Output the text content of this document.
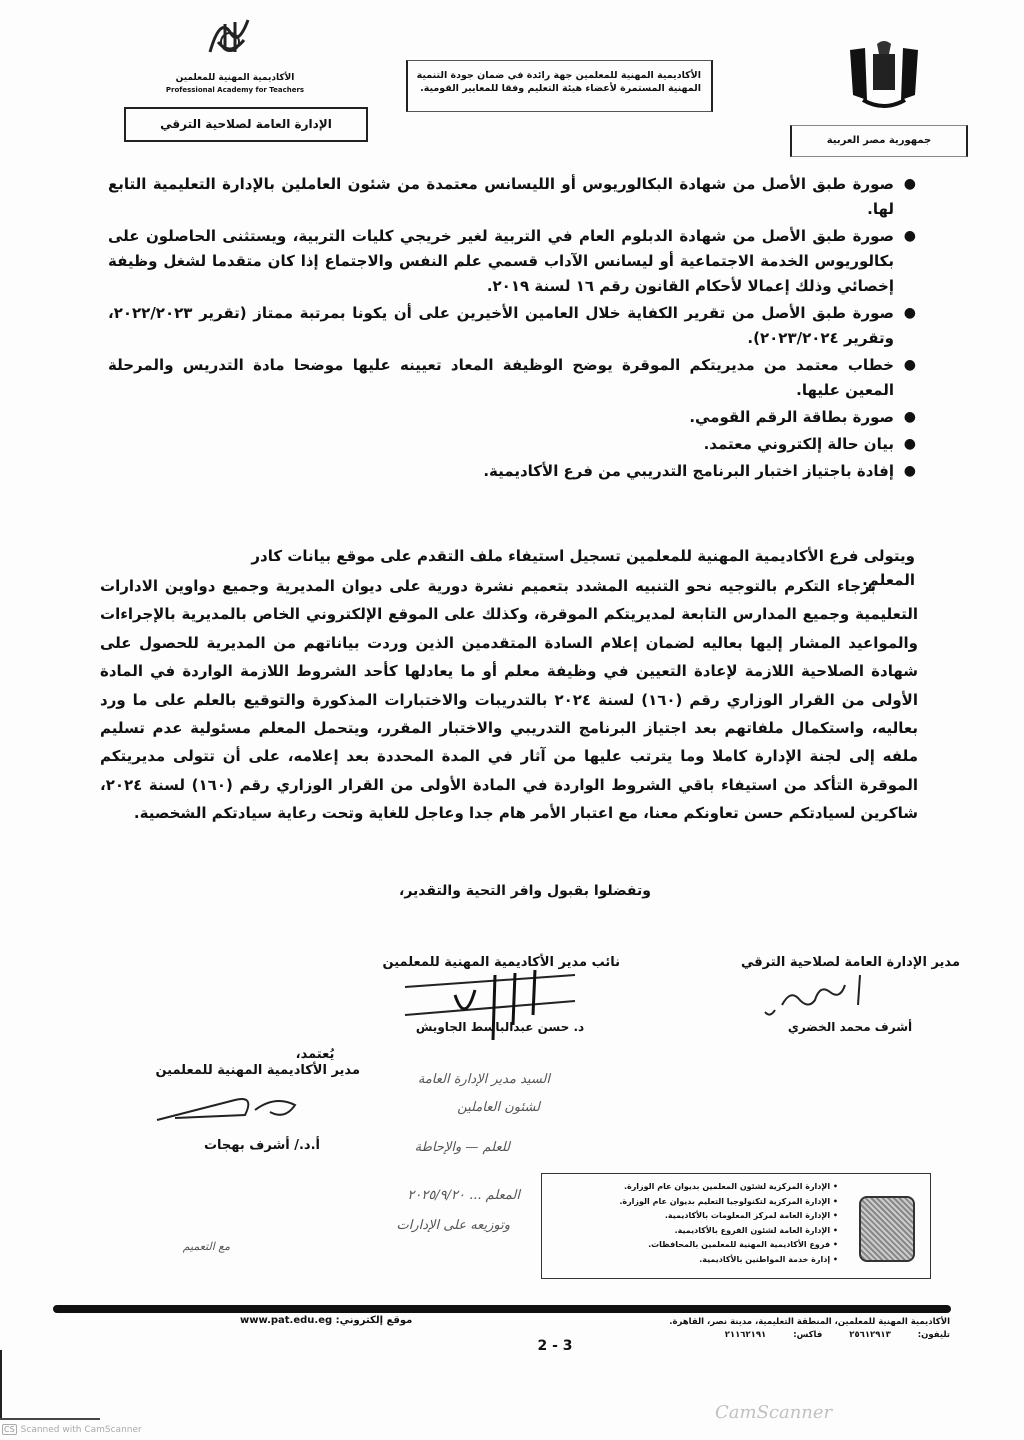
الأكاديمية المهنية للمعلمين
Professional Academy for Teachers
الإدارة العامة لصلاحية الترقي
الأكاديمية المهنية للمعلمين جهة رائدة في ضمان جودة التنمية
المهنية المستمرة لأعضاء هيئة التعليم وفقا للمعايير القومية.
جمهورية مصر العربية
●
صورة طبق الأصل من شهادة البكالوريوس أو الليسانس معتمدة من شئون العاملين بالإدارة التعليمية التابع لها.
●
صورة طبق الأصل من شهادة الدبلوم العام في التربية لغير خريجي كليات التربية، ويستثنى الحاصلون على بكالوريوس الخدمة الاجتماعية أو ليسانس الآداب قسمي علم النفس والاجتماع إذا كان متقدما لشغل وظيفة إخصائي وذلك إعمالا لأحكام القانون رقم ١٦ لسنة ٢٠١٩.
●
صورة طبق الأصل من تقرير الكفاية خلال العامين الأخيرين على أن يكونا بمرتبة ممتاز (تقرير ٢٠٢٢/٢٠٢٣، وتقرير ٢٠٢٣/٢٠٢٤).
●
خطاب معتمد من مديريتكم الموقرة يوضح الوظيفة المعاد تعيينه عليها موضحا مادة التدريس والمرحلة المعين عليها.
●
صورة بطاقة الرقم القومي.
●
بيان حالة إلكتروني معتمد.
●
إفادة باجتياز اختبار البرنامج التدريبي من فرع الأكاديمية.
ويتولى فرع الأكاديمية المهنية للمعلمين تسجيل استيفاء ملف التقدم على موقع بيانات كادر المعلم.
برجاء التكرم بالتوجيه نحو التنبيه المشدد بتعميم نشرة دورية على ديوان المديرية وجميع دواوين الادارات التعليمية وجميع المدارس التابعة لمديريتكم الموقرة، وكذلك على الموقع الإلكتروني الخاص بالمديرية بالإجراءات والمواعيد المشار إليها بعاليه لضمان إعلام السادة المتقدمين الذين وردت بياناتهم من المديرية للحصول على شهادة الصلاحية اللازمة لإعادة التعيين في وظيفة معلم أو ما يعادلها كأحد الشروط اللازمة الواردة في المادة الأولى من القرار الوزاري رقم (١٦٠) لسنة ٢٠٢٤ بالتدريبات والاختبارات المذكورة والتوقيع بالعلم على ما ورد بعاليه، واستكمال ملفاتهم بعد اجتياز البرنامج التدريبي والاختبار المقرر، ويتحمل المعلم مسئولية عدم تسليم ملفه إلى لجنة الإدارة كاملا وما يترتب عليها من آثار في المدة المحددة بعد إعلامه، على أن تتولى مديريتكم الموقرة التأكد من استيفاء باقي الشروط الواردة في المادة الأولى من القرار الوزاري رقم (١٦٠) لسنة ٢٠٢٤، شاكرين لسيادتكم حسن تعاونكم معنا، مع اعتبار الأمر هام جدا وعاجل للغاية وتحت رعاية سيادتكم الشخصية.
وتفضلوا بقبول وافر التحية والتقدير،
مدير الإدارة العامة لصلاحية الترقي
أشرف محمد الخضري
نائب مدير الأكاديمية المهنية للمعلمين
د. حسن عبدالباسط الجاويش
يُعتمد،
مدير الأكاديمية المهنية للمعلمين
أ.د./ أشرف بهجات
السيد مدير الإدارة العامة
لشئون العاملين
للعلم — والإحاطة
المعلم ... ٢٠٢٥/٩/٢٠
وتوزيعه على الإدارات
مع التعميم
• الإدارة المركزية لشئون المعلمين بديوان عام الوزارة.
• الإدارة المركزية لتكنولوجيا التعليم بديوان عام الوزارة.
• الإدارة العامة لمركز المعلومات بالأكاديمية.
• الإدارة العامة لشئون الفروع بالأكاديمية.
• فروع الأكاديمية المهنية للمعلمين بالمحافظات.
• إدارة خدمة المواطنين بالأكاديمية.
موقع إلكتروني: www.pat.edu.eg
2 - 3
الأكاديمية المهنية للمعلمين، المنطقة التعليمية، مدينة نصر، القاهرة.
تليفون: ٢٥٦١٢٩١٣ فاكس: ٢١١٦٢١٩١
CamScanner
CS Scanned with CamScanner
